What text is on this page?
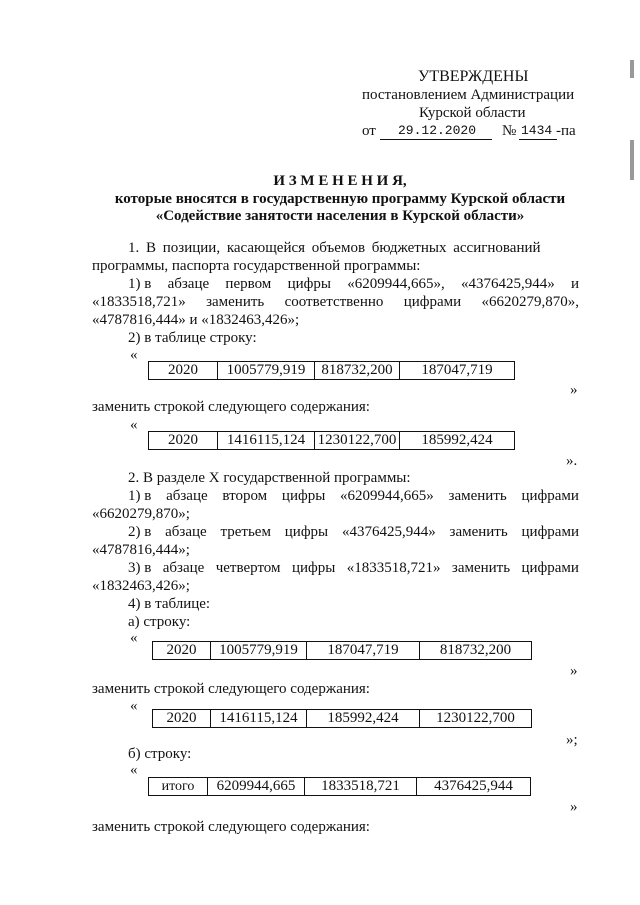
УТВЕРЖДЕНЫ
постановлением Администрации
Курской области
от 29.12.2020 № 1434 -па
И З М Е Н Е Н И Я,
которые вносятся в государственную программу Курской области
«Содействие занятости населения в Курской области»
1. В позиции, касающейся объемов бюджетных ассигнований
программы, паспорта государственной программы:
1) в абзаце первом цифры «6209944,665», «4376425,944» и
«1833518,721» заменить соответственно цифрами «6620279,870»,
«4787816,444» и «1832463,426»;
2) в таблице строку:
«
2020	1005779,919	818732,200	187047,719
»
заменить строкой следующего содержания:
«
2020	1416115,124	1230122,700	185992,424
».
2. В разделе X государственной программы:
1) в абзаце втором цифры «6209944,665» заменить цифрами
«6620279,870»;
2) в абзаце третьем цифры «4376425,944» заменить цифрами
«4787816,444»;
3) в абзаце четвертом цифры «1833518,721» заменить цифрами
«1832463,426»;
4) в таблице:
а) строку:
«
2020	1005779,919	187047,719	818732,200
»
заменить строкой следующего содержания:
«
2020	1416115,124	185992,424	1230122,700
»;
б) строку:
«
итого	6209944,665	1833518,721	4376425,944
»
заменить строкой следующего содержания:
